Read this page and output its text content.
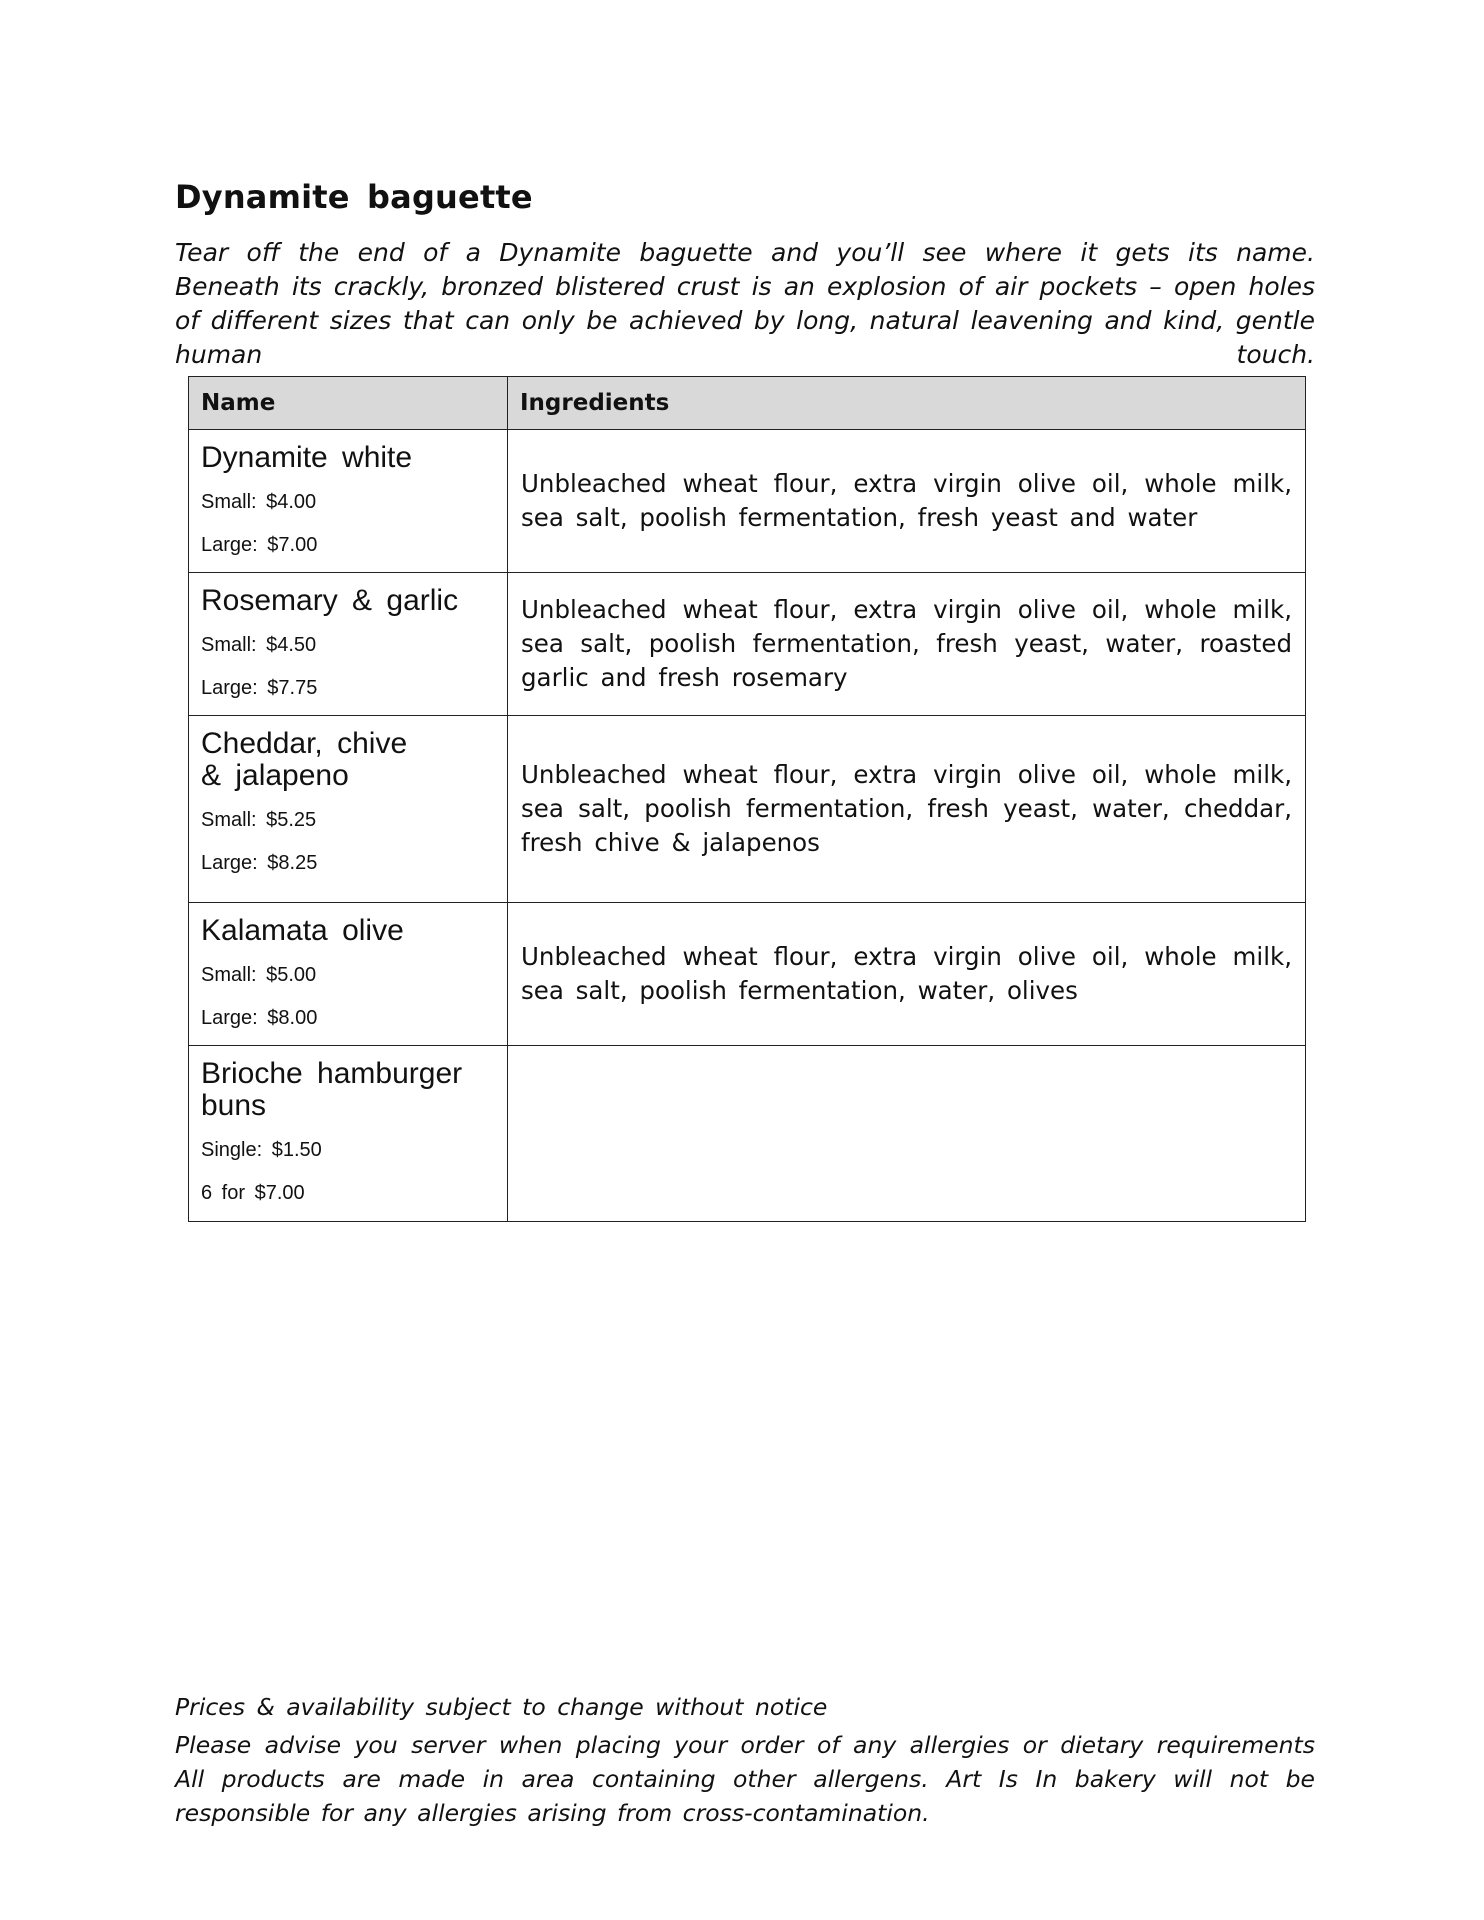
Dynamite baguette
Tear off the end of a Dynamite baguette and you’ll see where it gets its name. Beneath its crackly, bronzed blistered crust is an explosion of air pockets – open holes of different sizes that can only be achieved by long, natural leavening and kind, gentle human touch.
Name	Ingredients

Dynamite white
Small: $4.00
Large: $7.00	Unbleached wheat flour, extra virgin olive oil, whole milk, sea salt, poolish fermentation, fresh yeast and water

Rosemary & garlic
Small: $4.50
Large: $7.75	Unbleached wheat flour, extra virgin olive oil, whole milk, sea salt, poolish fermentation, fresh yeast, water, roasted garlic and fresh rosemary

Cheddar, chive & jalapeno
Small: $5.25
Large: $8.25	Unbleached wheat flour, extra virgin olive oil, whole milk, sea salt, poolish fermentation, fresh yeast, water, cheddar, fresh chive & jalapenos

Kalamata olive
Small: $5.00
Large: $8.00	Unbleached wheat flour, extra virgin olive oil, whole milk, sea salt, poolish fermentation, water, olives

Brioche hamburger buns
Single: $1.50
6 for $7.00	

Prices & availability subject to change without notice
Please advise you server when placing your order of any allergies or dietary requirements All products are made in area containing other allergens. Art Is In bakery will not be responsible for any allergies arising from cross-contamination.
